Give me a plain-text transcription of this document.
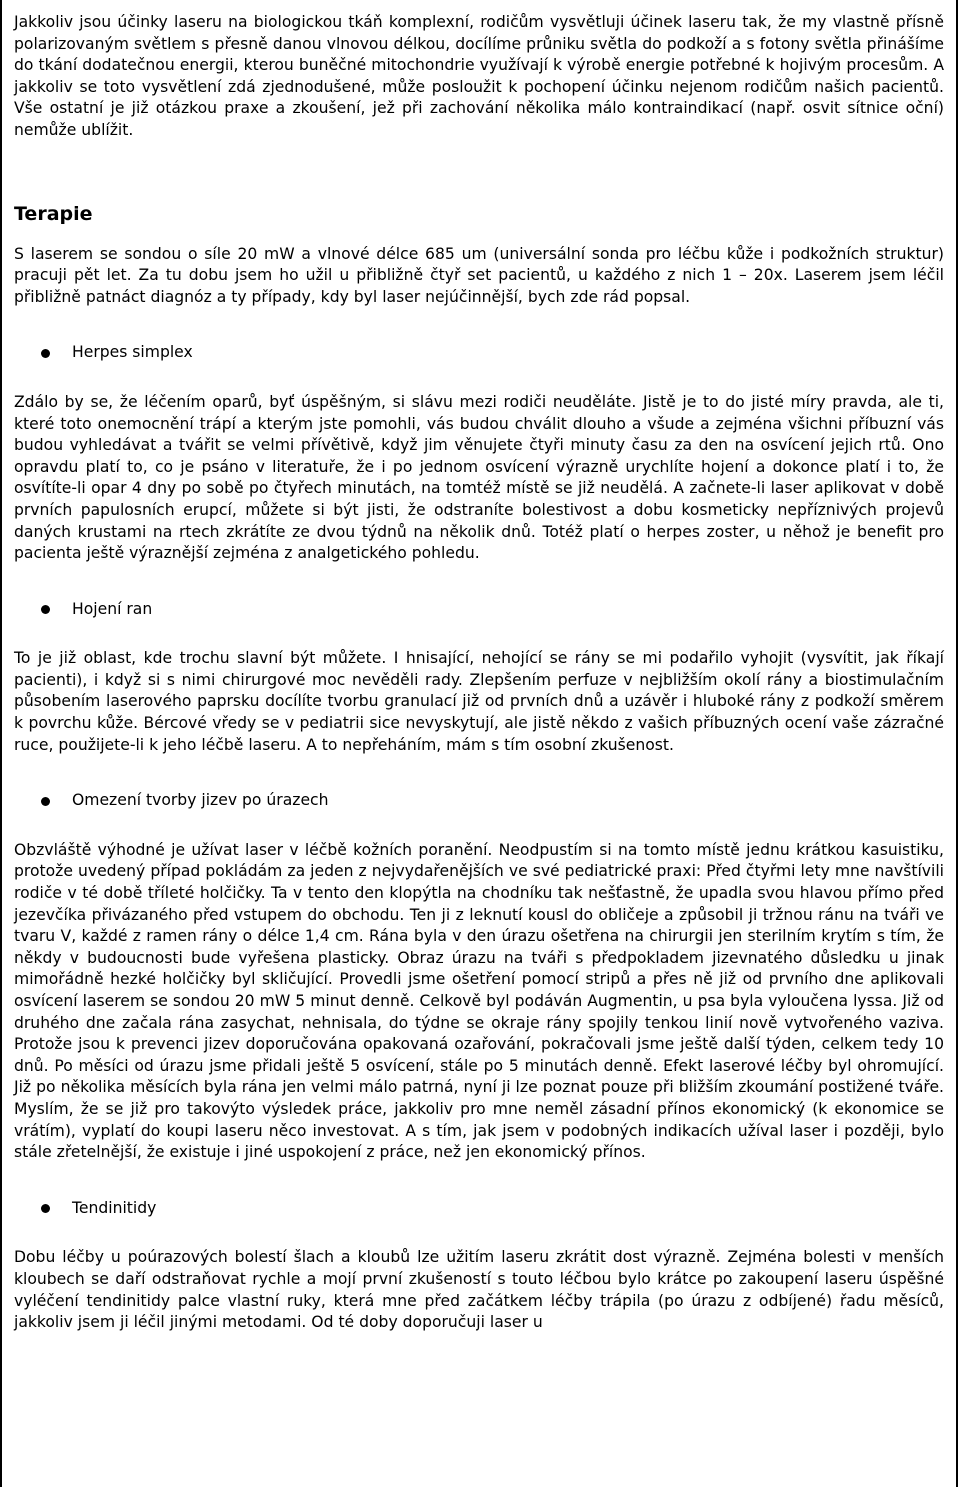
Jakkoliv jsou účinky laseru na biologickou tkáň komplexní, rodičům vysvětluji účinek laseru tak, že my vlastně přísně polarizovaným světlem s přesně danou vlnovou délkou, docílíme průniku světla do podkoží a s fotony světla přinášíme do tkání dodatečnou energii, kterou buněčné mitochondrie využívají k výrobě energie potřebné k hojivým procesům. A jakkoliv se toto vysvětlení zdá zjednodušené, může posloužit k pochopení účinku nejenom rodičům našich pacientů. Vše ostatní je již otázkou praxe a zkoušení, jež při zachování několika málo kontraindikací (např. osvit sítnice oční) nemůže ublížit.

Terapie

S laserem se sondou o síle 20 mW a vlnové délce 685 um (universální sonda pro léčbu kůže i podkožních struktur) pracuji pět let. Za tu dobu jsem ho užil u přibližně čtyř set pacientů, u každého z nich 1 – 20x. Laserem jsem léčil přibližně patnáct diagnóz a ty případy, kdy byl laser nejúčinnější, bych zde rád popsal.

Herpes simplex

Zdálo by se, že léčením oparů, byť úspěšným, si slávu mezi rodiči neuděláte. Jistě je to do jisté míry pravda, ale ti, které toto onemocnění trápí a kterým jste pomohli, vás budou chválit dlouho a všude a zejména všichni příbuzní vás budou vyhledávat a tvářit se velmi přívětivě, když jim věnujete čtyři minuty času za den na osvícení jejich rtů. Ono opravdu platí to, co je psáno v literatuře, že i po jednom osvícení výrazně urychlíte hojení a dokonce platí i to, že osvítíte-li opar 4 dny po sobě po čtyřech minutách, na tomtéž místě se již neudělá. A začnete-li laser aplikovat v době prvních papulosních erupcí, můžete si být jisti, že odstraníte bolestivost a dobu kosmeticky nepříznivých projevů daných krustami na rtech zkrátíte ze dvou týdnů na několik dnů. Totéž platí o herpes zoster, u něhož je benefit pro pacienta ještě výraznější zejména z analgetického pohledu.

Hojení ran

To je již oblast, kde trochu slavní být můžete. I hnisající, nehojící se rány se mi podařilo vyhojit (vysvítit, jak říkají pacienti), i když si s nimi chirurgové moc nevěděli rady. Zlepšením perfuze v nejbližším okolí rány a biostimulačním působením laserového paprsku docílíte tvorbu granulací již od prvních dnů a uzávěr i hluboké rány z podkoží směrem k povrchu kůže. Bércové vředy se v pediatrii sice nevyskytují, ale jistě někdo z vašich příbuzných ocení vaše zázračné ruce, použijete-li k jeho léčbě laseru. A to nepřeháním, mám s tím osobní zkušenost.

Omezení tvorby jizev po úrazech

Obzvláště výhodné je užívat laser v léčbě kožních poranění. Neodpustím si na tomto místě jednu krátkou kasuistiku, protože uvedený případ pokládám za jeden z nejvydařenějších ve své pediatrické praxi: Před čtyřmi lety mne navštívili rodiče v té době tříleté holčičky. Ta v tento den klopýtla na chodníku tak nešťastně, že upadla svou hlavou přímo před jezevčíka přivázaného před vstupem do obchodu. Ten ji z leknutí kousl do obličeje a způsobil ji tržnou ránu na tváři ve tvaru V, každé z ramen rány o délce 1,4 cm. Rána byla v den úrazu ošetřena na chirurgii jen sterilním krytím s tím, že někdy v budoucnosti bude vyřešena plasticky. Obraz úrazu na tváři s předpokladem jizevnatého důsledku u jinak mimořádně hezké holčičky byl skličující. Provedli jsme ošetření pomocí stripů a přes ně již od prvního dne aplikovali osvícení laserem se sondou 20 mW 5 minut denně. Celkově byl podáván Augmentin, u psa byla vyloučena lyssa. Již od druhého dne začala rána zasychat, nehnisala, do týdne se okraje rány spojily tenkou linií nově vytvořeného vaziva. Protože jsou k prevenci jizev doporučována opakovaná ozařování, pokračovali jsme ještě další týden, celkem tedy 10 dnů. Po měsíci od úrazu jsme přidali ještě 5 osvícení, stále po 5 minutách denně. Efekt laserové léčby byl ohromující. Již po několika měsících byla rána jen velmi málo patrná, nyní ji lze poznat pouze při bližším zkoumání postižené tváře. Myslím, že se již pro takovýto výsledek práce, jakkoliv pro mne neměl zásadní přínos ekonomický (k ekonomice se vrátím), vyplatí do koupi laseru něco investovat. A s tím, jak jsem v podobných indikacích užíval laser i později, bylo stále zřetelnější, že existuje i jiné uspokojení z práce, než jen ekonomický přínos.

Tendinitidy

Dobu léčby u poúrazových bolestí šlach a kloubů lze užitím laseru zkrátit dost výrazně. Zejména bolesti v menších kloubech se daří odstraňovat rychle a mojí první zkušeností s touto léčbou bylo krátce po zakoupení laseru úspěšné vyléčení tendinitidy palce vlastní ruky, která mne před začátkem léčby trápila (po úrazu z odbíjené) řadu měsíců, jakkoliv jsem ji léčil jinými metodami. Od té doby doporučuji laser u
